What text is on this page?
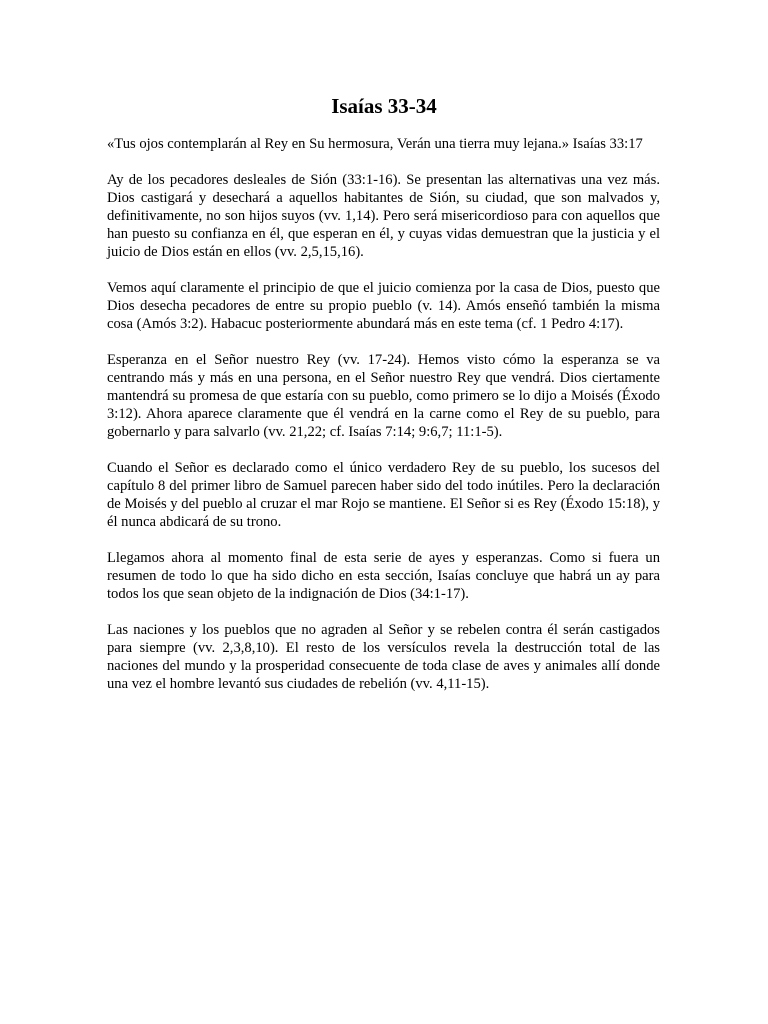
Isaías 33-34

«Tus ojos contemplarán al Rey en Su hermosura, Verán una tierra muy lejana.» Isaías 33:17

Ay de los pecadores desleales de Sión (33:1-16). Se presentan las alternativas una vez más. Dios castigará y desechará a aquellos habitantes de Sión, su ciudad, que son malvados y, definitivamente, no son hijos suyos (vv. 1,14). Pero será misericordioso para con aquellos que han puesto su confianza en él, que esperan en él, y cuyas vidas demuestran que la justicia y el juicio de Dios están en ellos (vv. 2,5,15,16).

Vemos aquí claramente el principio de que el juicio comienza por la casa de Dios, puesto que Dios desecha pecadores de entre su propio pueblo (v. 14). Amós enseñó también la misma cosa (Amós 3:2). Habacuc posteriormente abundará más en este tema (cf. 1 Pedro 4:17).

Esperanza en el Señor nuestro Rey (vv. 17-24). Hemos visto cómo la esperanza se va centrando más y más en una persona, en el Señor nuestro Rey que vendrá. Dios ciertamente mantendrá su promesa de que estaría con su pueblo, como primero se lo dijo a Moisés (Éxodo 3:12). Ahora aparece claramente que él vendrá en la carne como el Rey de su pueblo, para gobernarlo y para salvarlo (vv. 21,22; cf. Isaías 7:14; 9:6,7; 11:1-5).

Cuando el Señor es declarado como el único verdadero Rey de su pueblo, los sucesos del capítulo 8 del primer libro de Samuel parecen haber sido del todo inútiles. Pero la declaración de Moisés y del pueblo al cruzar el mar Rojo se mantiene. El Señor si es Rey (Éxodo 15:18), y él nunca abdicará de su trono.

Llegamos ahora al momento final de esta serie de ayes y esperanzas. Como si fuera un resumen de todo lo que ha sido dicho en esta sección, Isaías concluye que habrá un ay para todos los que sean objeto de la indignación de Dios (34:1-17).

Las naciones y los pueblos que no agraden al Señor y se rebelen contra él serán castigados para siempre (vv. 2,3,8,10). El resto de los versículos revela la destrucción total de las naciones del mundo y la prosperidad consecuente de toda clase de aves y animales allí donde una vez el hombre levantó sus ciudades de rebelión (vv. 4,11-15).
